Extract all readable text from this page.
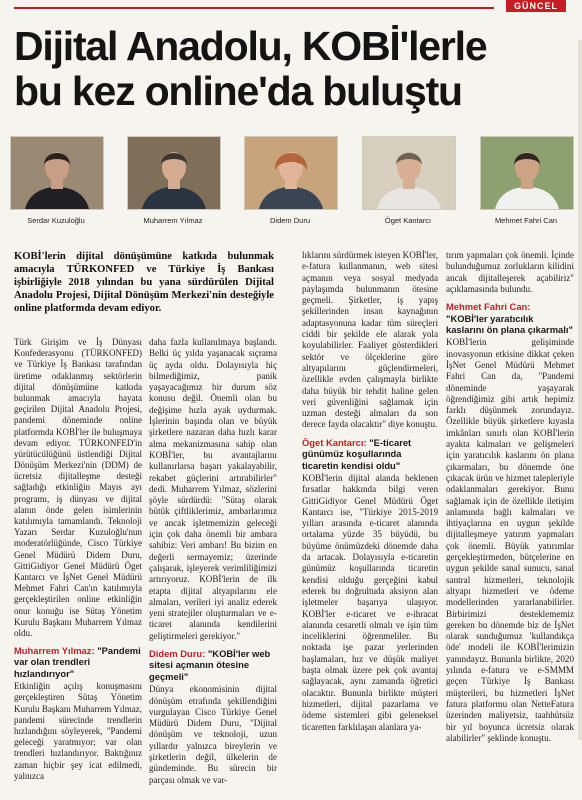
GÜNCEL
Dijital Anadolu, KOBİ'lerle
bu kez online'da buluştu
Serdar Kuzuloğlu	Muharrem Yılmaz	Didem Duru	Öget Kantarcı	Mehmet Fahri Can

KOBİ'lerin dijital dönüşümüne katkıda bulunmak amacıyla TÜRKONFED ve Türkiye İş Bankası işbirliğiyle 2018 yılından bu yana sürdürülen Dijital Anadolu Projesi, Dijital Dönüşüm Merkezi'nin desteğiyle online platformda devam ediyor.

Türk Girişim ve İş Dünyası Konfederasyonu (TÜRKONFED) ve Türkiye İş Bankası tarafından üretime odaklanmış sektörlerin dijital dönüşümüne katkıda bulunmak amacıyla hayata geçirilen Dijital Anadolu Projesi, pandemi döneminde online platformda KOBİ'ler ile buluşmaya devam ediyor. TÜRKONFED'in yürütücülüğünü üstlendiği Dijital Dönüşüm Merkezi'nin (DDM) de ücretsiz dijitalleşme desteği sağladığı etkinliğin Mayıs ayı programı, iş dünyası ve dijital alanın önde gelen isimlerinin katılımıyla tamamlandı. Teknoloji Yazarı Serdar Kuzuloğlu'nun moderatörlüğünde, Cisco Türkiye Genel Müdürü Didem Duru, GittiGidiyor Genel Müdürü Öget Kantarcı ve İşNet Genel Müdürü Mehmet Fahri Can'ın katılımıyla gerçekleştirilen online etkinliğin onur konuğu ise Sütaş Yönetim Kurulu Başkanı Muharrem Yılmaz oldu.

Muharrem Yılmaz: "Pandemi var olan trendleri hızlandırıyor"

Etkinliğin açılış konuşmasını gerçekleştiren Sütaş Yönetim Kurulu Başkanı Muharrem Yılmaz, pandemi sürecinde trendlerin hızlandığını söyleyerek, "Pandemi geleceği yaratmıyor; var olan trendleri hızlandırıyor. Baktığınız zaman hiçbir şey icat edilmedi, yalnızca

daha fazla kullanılmaya başlandı. Belki üç yılda yaşanacak sıçrama üç ayda oldu. Dolayısıyla hiç bilmediğimiz, panik yaşayacağımız bir durum söz konusu değil. Önemli olan bu değişime hızla ayak uydurmak. İşlerinin başında olan ve büyük şirketlere nazaran daha hızlı karar alma mekanizmasına sahip olan KOBİ'ler, bu avantajlarını kullanırlarsa başarı yakalayabilir, rekabet güçlerini artırabilirler" dedi. Muharrem Yılmaz, sözlerini şöyle sürdürdü: "Sütaş olarak bütük çiftliklerimiz, ambarlarımız ve ancak işletmemizin geleceği için çok daha önemli bir ambara sahibiz: Veri ambarı! Bu bizim en değerli sermayemiz; üzerinde çalışarak, işleyerek verimliliğimizi artırıyoruz. KOBİ'lerin de ilk etapta dijital altyapılarını ele almaları, verileri iyi analiz ederek yeni stratejiler oluşturmaları ve e-ticaret alanında kendilerini geliştirmeleri gerekiyor."

Didem Duru: "KOBİ'ler web sitesi açmanın ötesine geçmeli"

Dünya ekonomisinin dijital dönüşüm etrafında şekillendiğini vurgulayan Cisco Türkiye Genel Müdürü Didem Duru, "Dijital dönüşüm ve teknoloji, uzun yıllardır yalnızca bireylerin ve şirketlerin değil, ülkelerin de gündeminde. Bu sürecin bir parçası olmak ve var-

lıklarını sürdürmek isteyen KOBİ'ler, e-fatura kullanmanın, web sitesi açmanın veya sosyal medyada paylaşımda bulunmanın ötesine geçmeli. Şirketler, iş yapış şekillerinden insan kaynağının adaptasyonuna kadar tüm süreçleri ciddi bir şekilde ele alarak yola koyulabilirler. Faaliyet gösterdikleri sektör ve ölçeklerine göre altyapılarını güçlendirmeleri, özellikle evden çalışmayla birlikte daha büyük bir tehdit haline gelen veri güvenliğini sağlamak için uzman desteği almaları da son derece fayda olacaktır" diye konuştu.

Öget Kantarcı: "E-ticaret günümüz koşullarında ticaretin kendisi oldu"

KOBİ'lerin dijital alanda beklenen fırsatlar hakkında bilgi veren GittiGidiyor Genel Müdürü Öget Kantarcı ise, "Türkiye 2015-2019 yılları arasında e-ticaret alanında ortalama yüzde 35 büyüdü, bu büyüme önümüzdeki dönemde daha da artacak. Dolayısıyla e-ticaretin günümüz koşullarında ticaretin kendisi olduğu gerçeğini kabul ederek bu doğrultuda aksiyon alan işletmeler başarıya ulaşıyor. KOBİ'ler e-ticaret ve e-ihracat alanında cesaretli olmalı ve işin tüm inceliklerini öğrenmeliler. Bu noktada işe pazar yerlerinden başlamaları, hız ve düşük maliyet başta olmak üzere pek çok avantaj sağlayacak, aynı zamanda öğretici olacaktır. Bununla birlikte müşteri hizmetleri, dijital pazarlama ve ödeme sistemleri gibi geleneksel ticaretten farklılaşan alanlara ya-

tırım yapmaları çok önemli. İçinde bulunduğumuz zorlukların kilidini ancak dijitalleşerek açabiliriz" açıklamasında bulundu.

Mehmet Fahri Can: "KOBİ'ler yaratıcılık kaslarını ön plana çıkarmalı"

KOBİ'lerin gelişiminde inovasyonun etkisine dikkat çeken İşNet Genel Müdürü Mehmet Fahri Can da, "Pandemi döneminde yaşayarak öğrendiğimiz gibi artık hepimiz farklı düşünmek zorundayız. Özellikle büyük şirketlere kıyasla imkânları sınırlı olan KOBİ'lerin ayakta kalmaları ve gelişmeleri için yaratıcılık kaslarını ön plana çıkarmaları, bu dönemde öne çıkacak ürün ve hizmet talepleriyle odaklanmaları gerekiyor. Bunu sağlamak için de özellikle iletişim anlamında bağlı kalmaları ve ihtiyaçlarına en uygun şekilde dijitalleşmeye yatırım yapmaları çok önemli. Büyük yatırımlar gerçekleştirmeden, bütçelerine en uygun şekilde sanal sunucu, sanal santral hizmetleri, teknolojik altyapı hizmetleri ve ödeme modellerinden yararlanabilirler. Birbirimizi desteklememiz gereken bu dönemde biz de İşNet olarak sunduğumuz 'kullandıkça öde' modeli ile KOBİ'lerimizin yanındayız. Bununla birlikte, 2020 yılında e-fatura ve e-SMMM geçen Türkiye İş Bankası müşterileri, bu hizmetleri İşNet fatura platformu olan NetteFatura üzerinden maliyetsiz, taahhütsüz bir yıl boyunca ücretsiz olarak alabilirler" şeklinde konuştu.
